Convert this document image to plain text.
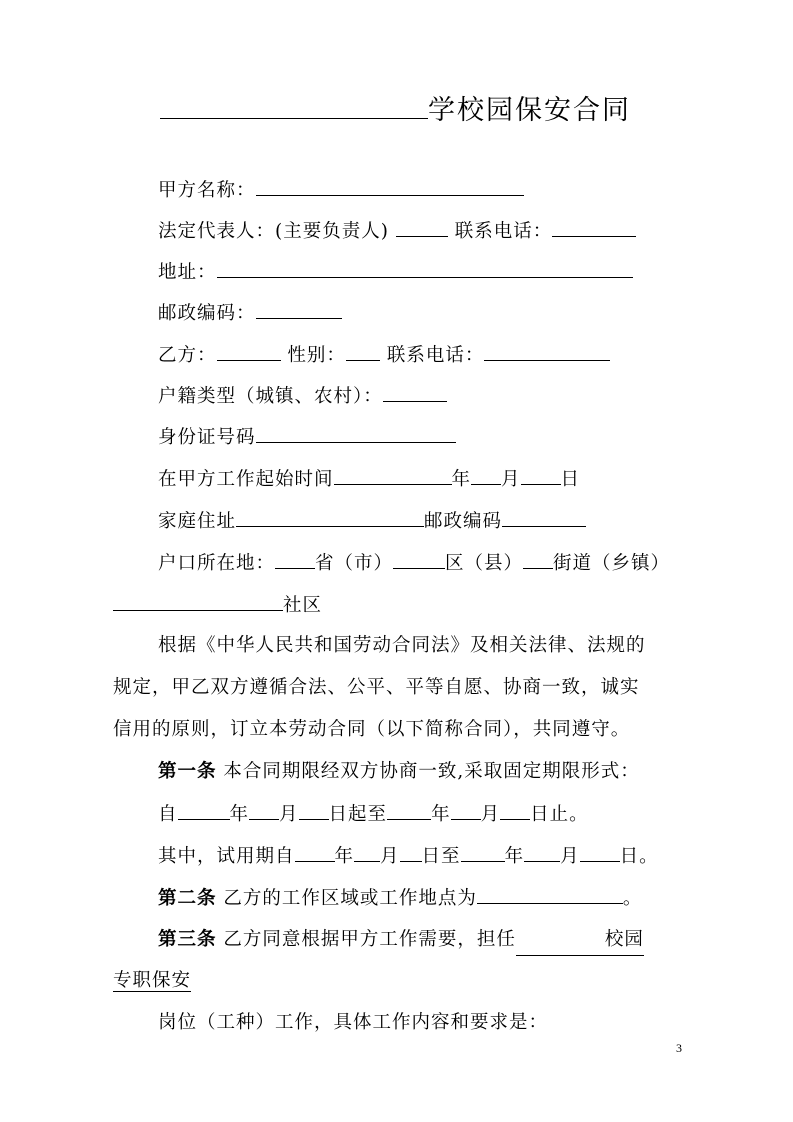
学校园保安合同
甲方名称：
法定代表人：(主要负责人)	联系电话：
地址：
邮政编码：
乙方：	性别： 联系电话：
户籍类型（城镇、农村）：
身份证号码
在甲方工作起始时间	年 月 日
家庭住址	邮政编码
户口所在地： 省（市）	区（县） 街道（乡镇）
社区
根据《中华人民共和国劳动合同法》及相关法律、法规的
规定，甲乙双方遵循合法、公平、平等自愿、协商一致，诚实
信用的原则，订立本劳动合同（以下简称合同），共同遵守。
第一条 本合同期限经双方协商一致,采取固定期限形式：
自	年 月 日起至 年 月 日止。
其中，试用期自 年 月 日至 年 月 日。
第二条 乙方的工作区域或工作地点为	。
第三条 乙方同意根据甲方工作需要，担任	校园
专职保安
岗位（工种）工作，具体工作内容和要求是：
3
